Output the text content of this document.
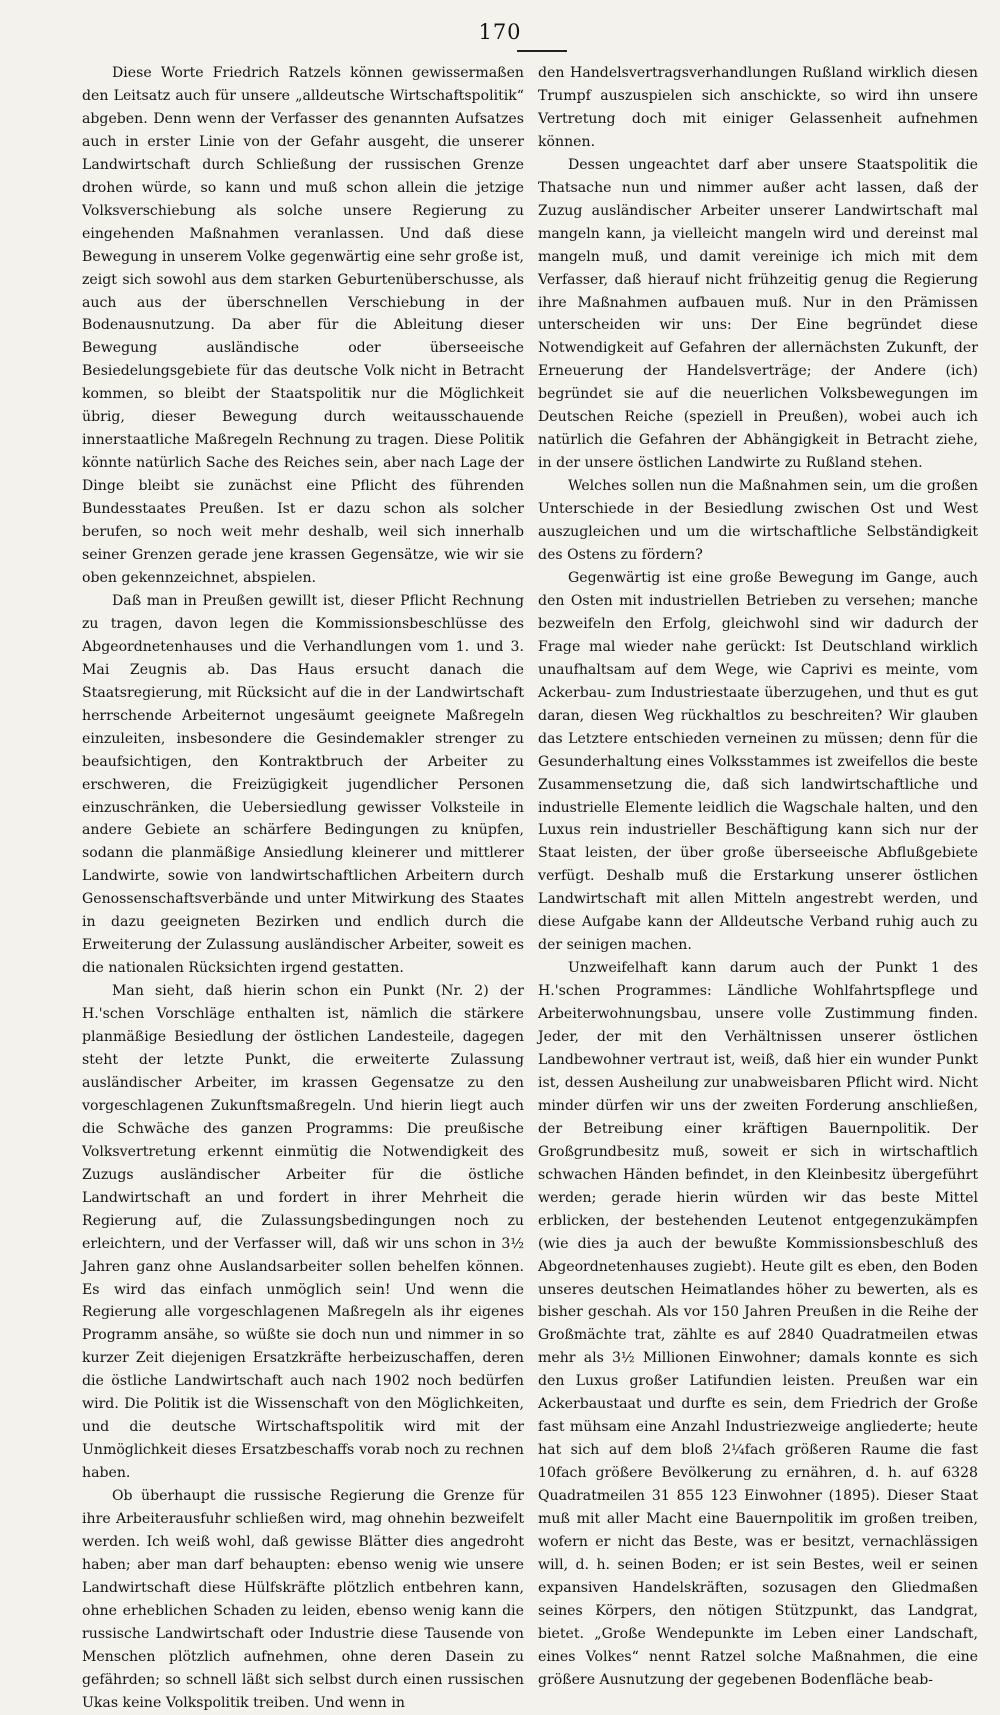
170

Diese Worte Friedrich Ratzels können gewissermaßen den Leitsatz auch für unsere „alldeutsche Wirtschaftspolitik“ abgeben. Denn wenn der Verfasser des genannten Aufsatzes auch in erster Linie von der Gefahr ausgeht, die unserer Landwirtschaft durch Schließung der russischen Grenze drohen würde, so kann und muß schon allein die jetzige Volksverschiebung als solche unsere Regierung zu eingehenden Maßnahmen veranlassen. Und daß diese Bewegung in unserem Volke gegenwärtig eine sehr große ist, zeigt sich sowohl aus dem starken Geburtenüberschusse, als auch aus der überschnellen Verschiebung in der Bodenausnutzung. Da aber für die Ableitung dieser Bewegung ausländische oder überseeische Besiedelungsgebiete für das deutsche Volk nicht in Betracht kommen, so bleibt der Staatspolitik nur die Möglichkeit übrig, dieser Bewegung durch weitausschauende innerstaatliche Maßregeln Rechnung zu tragen. Diese Politik könnte natürlich Sache des Reiches sein, aber nach Lage der Dinge bleibt sie zunächst eine Pflicht des führenden Bundesstaates Preußen. Ist er dazu schon als solcher berufen, so noch weit mehr deshalb, weil sich innerhalb seiner Grenzen gerade jene krassen Gegensätze, wie wir sie oben gekennzeichnet, abspielen.

Daß man in Preußen gewillt ist, dieser Pflicht Rechnung zu tragen, davon legen die Kommissionsbeschlüsse des Abgeordnetenhauses und die Verhandlungen vom 1. und 3. Mai Zeugnis ab. Das Haus ersucht danach die Staatsregierung, mit Rücksicht auf die in der Landwirtschaft herrschende Arbeiternot ungesäumt geeignete Maßregeln einzuleiten, insbesondere die Gesindemakler strenger zu beaufsichtigen, den Kontraktbruch der Arbeiter zu erschweren, die Freizügigkeit jugendlicher Personen einzuschränken, die Uebersiedlung gewisser Volksteile in andere Gebiete an schärfere Bedingungen zu knüpfen, sodann die planmäßige Ansiedlung kleinerer und mittlerer Landwirte, sowie von landwirtschaftlichen Arbeitern durch Genossenschaftsverbände und unter Mitwirkung des Staates in dazu geeigneten Bezirken und endlich durch die Erweiterung der Zulassung ausländischer Arbeiter, soweit es die nationalen Rücksichten irgend gestatten.

Man sieht, daß hierin schon ein Punkt (Nr. 2) der H.'schen Vorschläge enthalten ist, nämlich die stärkere planmäßige Besiedlung der östlichen Landesteile, dagegen steht der letzte Punkt, die erweiterte Zulassung ausländischer Arbeiter, im krassen Gegensatze zu den vorgeschlagenen Zukunftsmaßregeln. Und hierin liegt auch die Schwäche des ganzen Programms: Die preußische Volksvertretung erkennt einmütig die Notwendigkeit des Zuzugs ausländischer Arbeiter für die östliche Landwirtschaft an und fordert in ihrer Mehrheit die Regierung auf, die Zulassungsbedingungen noch zu erleichtern, und der Verfasser will, daß wir uns schon in 3½ Jahren ganz ohne Auslandsarbeiter sollen behelfen können. Es wird das einfach unmöglich sein! Und wenn die Regierung alle vorgeschlagenen Maßregeln als ihr eigenes Programm ansähe, so wüßte sie doch nun und nimmer in so kurzer Zeit diejenigen Ersatzkräfte herbeizuschaffen, deren die östliche Landwirtschaft auch nach 1902 noch bedürfen wird. Die Politik ist die Wissenschaft von den Möglichkeiten, und die deutsche Wirtschaftspolitik wird mit der Unmöglichkeit dieses Ersatzbeschaffs vorab noch zu rechnen haben.

Ob überhaupt die russische Regierung die Grenze für ihre Arbeiterausfuhr schließen wird, mag ohnehin bezweifelt werden. Ich weiß wohl, daß gewisse Blätter dies angedroht haben; aber man darf behaupten: ebenso wenig wie unsere Landwirtschaft diese Hülfskräfte plötzlich entbehren kann, ohne erheblichen Schaden zu leiden, ebenso wenig kann die russische Landwirtschaft oder Industrie diese Tausende von Menschen plötzlich aufnehmen, ohne deren Dasein zu gefährden; so schnell läßt sich selbst durch einen russischen Ukas keine Volkspolitik treiben. Und wenn in

den Handelsvertragsverhandlungen Rußland wirklich diesen Trumpf auszuspielen sich anschickte, so wird ihn unsere Vertretung doch mit einiger Gelassenheit aufnehmen können.

Dessen ungeachtet darf aber unsere Staatspolitik die Thatsache nun und nimmer außer acht lassen, daß der Zuzug ausländischer Arbeiter unserer Landwirtschaft mal mangeln kann, ja vielleicht mangeln wird und dereinst mal mangeln muß, und damit vereinige ich mich mit dem Verfasser, daß hierauf nicht frühzeitig genug die Regierung ihre Maßnahmen aufbauen muß. Nur in den Prämissen unterscheiden wir uns: Der Eine begründet diese Notwendigkeit auf Gefahren der allernächsten Zukunft, der Erneuerung der Handelsverträge; der Andere (ich) begründet sie auf die neuerlichen Volksbewegungen im Deutschen Reiche (speziell in Preußen), wobei auch ich natürlich die Gefahren der Abhängigkeit in Betracht ziehe, in der unsere östlichen Landwirte zu Rußland stehen.

Welches sollen nun die Maßnahmen sein, um die großen Unterschiede in der Besiedlung zwischen Ost und West auszugleichen und um die wirtschaftliche Selbständigkeit des Ostens zu fördern?

Gegenwärtig ist eine große Bewegung im Gange, auch den Osten mit industriellen Betrieben zu versehen; manche bezweifeln den Erfolg, gleichwohl sind wir dadurch der Frage mal wieder nahe gerückt: Ist Deutschland wirklich unaufhaltsam auf dem Wege, wie Caprivi es meinte, vom Ackerbau- zum Industriestaate überzugehen, und thut es gut daran, diesen Weg rückhaltlos zu beschreiten? Wir glauben das Letztere entschieden verneinen zu müssen; denn für die Gesunderhaltung eines Volksstammes ist zweifellos die beste Zusammensetzung die, daß sich landwirtschaftliche und industrielle Elemente leidlich die Wagschale halten, und den Luxus rein industrieller Beschäftigung kann sich nur der Staat leisten, der über große überseeische Abflußgebiete verfügt. Deshalb muß die Erstarkung unserer östlichen Landwirtschaft mit allen Mitteln angestrebt werden, und diese Aufgabe kann der Alldeutsche Verband ruhig auch zu der seinigen machen.

Unzweifelhaft kann darum auch der Punkt 1 des H.'schen Programmes: Ländliche Wohlfahrtspflege und Arbeiterwohnungsbau, unsere volle Zustimmung finden. Jeder, der mit den Verhältnissen unserer östlichen Landbewohner vertraut ist, weiß, daß hier ein wunder Punkt ist, dessen Ausheilung zur unabweisbaren Pflicht wird. Nicht minder dürfen wir uns der zweiten Forderung anschließen, der Betreibung einer kräftigen Bauernpolitik. Der Großgrundbesitz muß, soweit er sich in wirtschaftlich schwachen Händen befindet, in den Kleinbesitz übergeführt werden; gerade hierin würden wir das beste Mittel erblicken, der bestehenden Leutenot entgegenzukämpfen (wie dies ja auch der bewußte Kommissionsbeschluß des Abgeordnetenhauses zugiebt). Heute gilt es eben, den Boden unseres deutschen Heimatlandes höher zu bewerten, als es bisher geschah. Als vor 150 Jahren Preußen in die Reihe der Großmächte trat, zählte es auf 2840 Quadratmeilen etwas mehr als 3½ Millionen Einwohner; damals konnte es sich den Luxus großer Latifundien leisten. Preußen war ein Ackerbaustaat und durfte es sein, dem Friedrich der Große fast mühsam eine Anzahl Industriezweige angliederte; heute hat sich auf dem bloß 2¼fach größeren Raume die fast 10fach größere Bevölkerung zu ernähren, d. h. auf 6328 Quadratmeilen 31 855 123 Einwohner (1895). Dieser Staat muß mit aller Macht eine Bauernpolitik im großen treiben, wofern er nicht das Beste, was er besitzt, vernachlässigen will, d. h. seinen Boden; er ist sein Bestes, weil er seinen expansiven Handelskräften, sozusagen den Gliedmaßen seines Körpers, den nötigen Stützpunkt, das Landgrat, bietet. „Große Wendepunkte im Leben einer Landschaft, eines Volkes“ nennt Ratzel solche Maßnahmen, die eine größere Ausnutzung der gegebenen Bodenfläche beab-
